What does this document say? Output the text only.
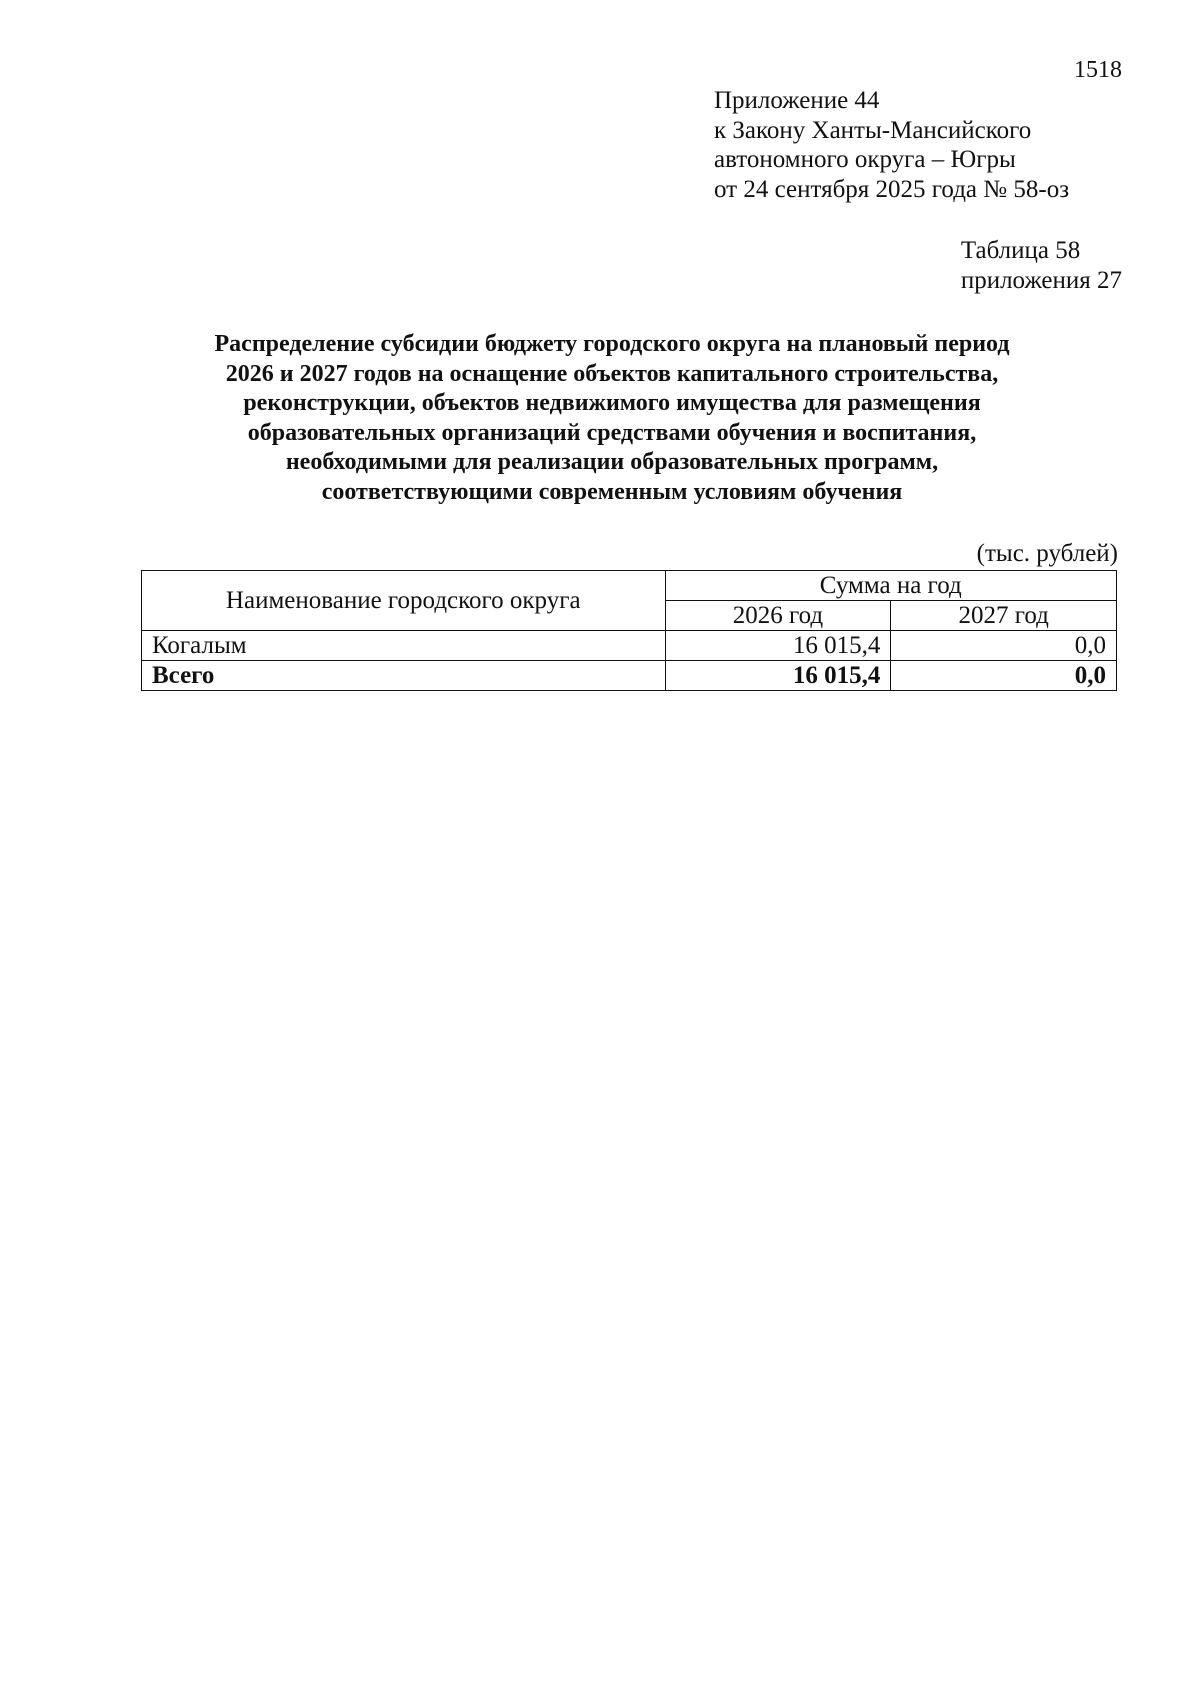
1518
Приложение 44
к Закону Ханты-Мансийского
автономного округа – Югры
от 24 сентября 2025 года № 58-оз
Таблица 58
приложения 27
Распределение субсидии бюджету городского округа на плановый период
2026 и 2027 годов на оснащение объектов капитального строительства,
реконструкции, объектов недвижимого имущества для размещения
образовательных организаций средствами обучения и воспитания,
необходимыми для реализации образовательных программ,
соответствующими современным условиям обучения
(тыс. рублей)
Наименование городского округа	Сумма на год	
	2026 год	2027 год
Когалым	16 015,4	0,0
Всего	16 015,4	0,0
